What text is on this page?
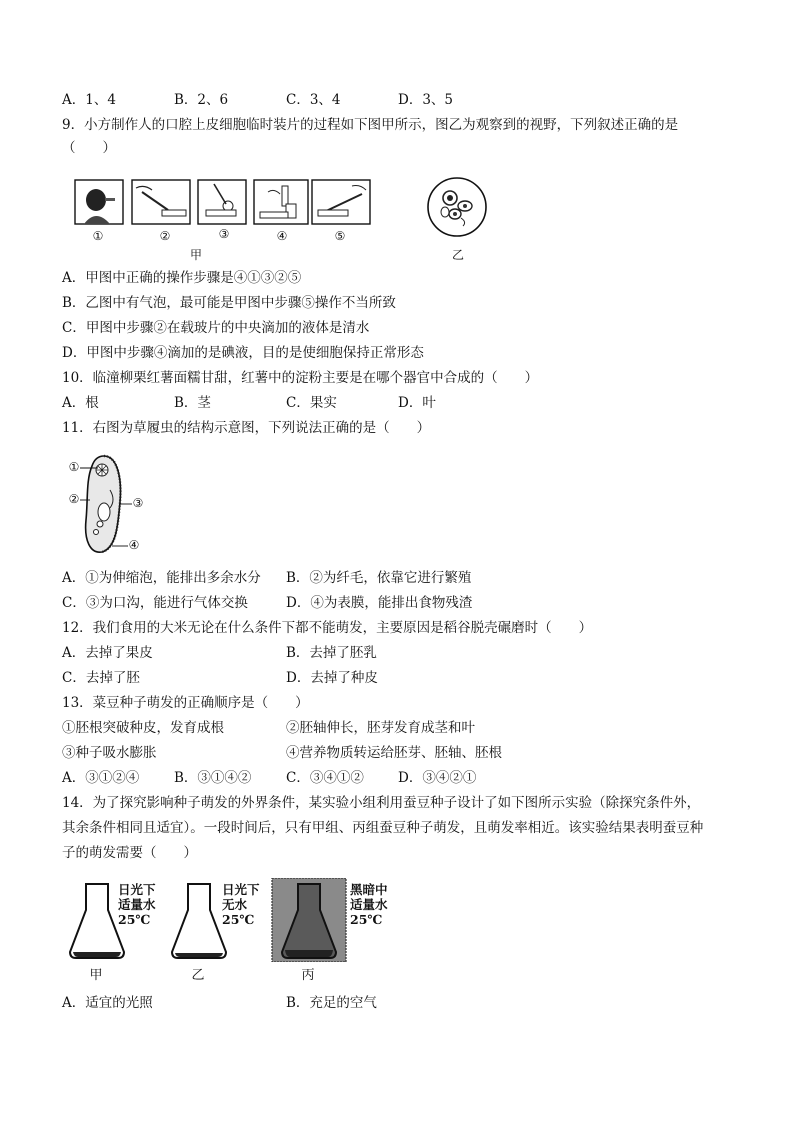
A．1、4	B．2、6	C．3、4	D．3、5
9．小方制作人的口腔上皮细胞临时装片的过程如下图甲所示，图乙为观察到的视野，下列叙述正确的是
（　　）
①	②	③	④	⑤
甲	乙
A．甲图中正确的操作步骤是④①③②⑤
B．乙图中有气泡，最可能是甲图中步骤⑤操作不当所致
C．甲图中步骤②在载玻片的中央滴加的液体是清水
D．甲图中步骤④滴加的是碘液，目的是使细胞保持正常形态
10．临潼柳栗红薯面糯甘甜，红薯中的淀粉主要是在哪个器官中合成的（　　）
A．根	B．茎	C．果实	D．叶
11．右图为草履虫的结构示意图，下列说法正确的是（　　）
①
②	③
④
A．①为伸缩泡，能排出多余水分 B．②为纤毛，依靠它进行繁殖
C．③为口沟，能进行气体交换	D．④为表膜，能排出食物残渣
12．我们食用的大米无论在什么条件下都不能萌发，主要原因是稻谷脱壳碾磨时（　　）
A．去掉了果皮	B．去掉了胚乳
C．去掉了胚	D．去掉了种皮
13．菜豆种子萌发的正确顺序是（　　）
①胚根突破种皮，发育成根	②胚轴伸长，胚芽发育成茎和叶
③种子吸水膨胀	④营养物质转运给胚芽、胚轴、胚根
A．③①②④	B．③①④②	C．③④①②	D．③④②①
14．为了探究影响种子萌发的外界条件，某实验小组利用蚕豆种子设计了如下图所示实验（除探究条件外，
其余条件相同且适宜）。一段时间后，只有甲组、丙组蚕豆种子萌发，且萌发率相近。该实验结果表明蚕豆种
子的萌发需要（　　）
日光下
适量水
25℃
日光下
无水
25℃
黑暗中
适量水
25℃
甲	乙	丙
A．适宜的光照	B．充足的空气
